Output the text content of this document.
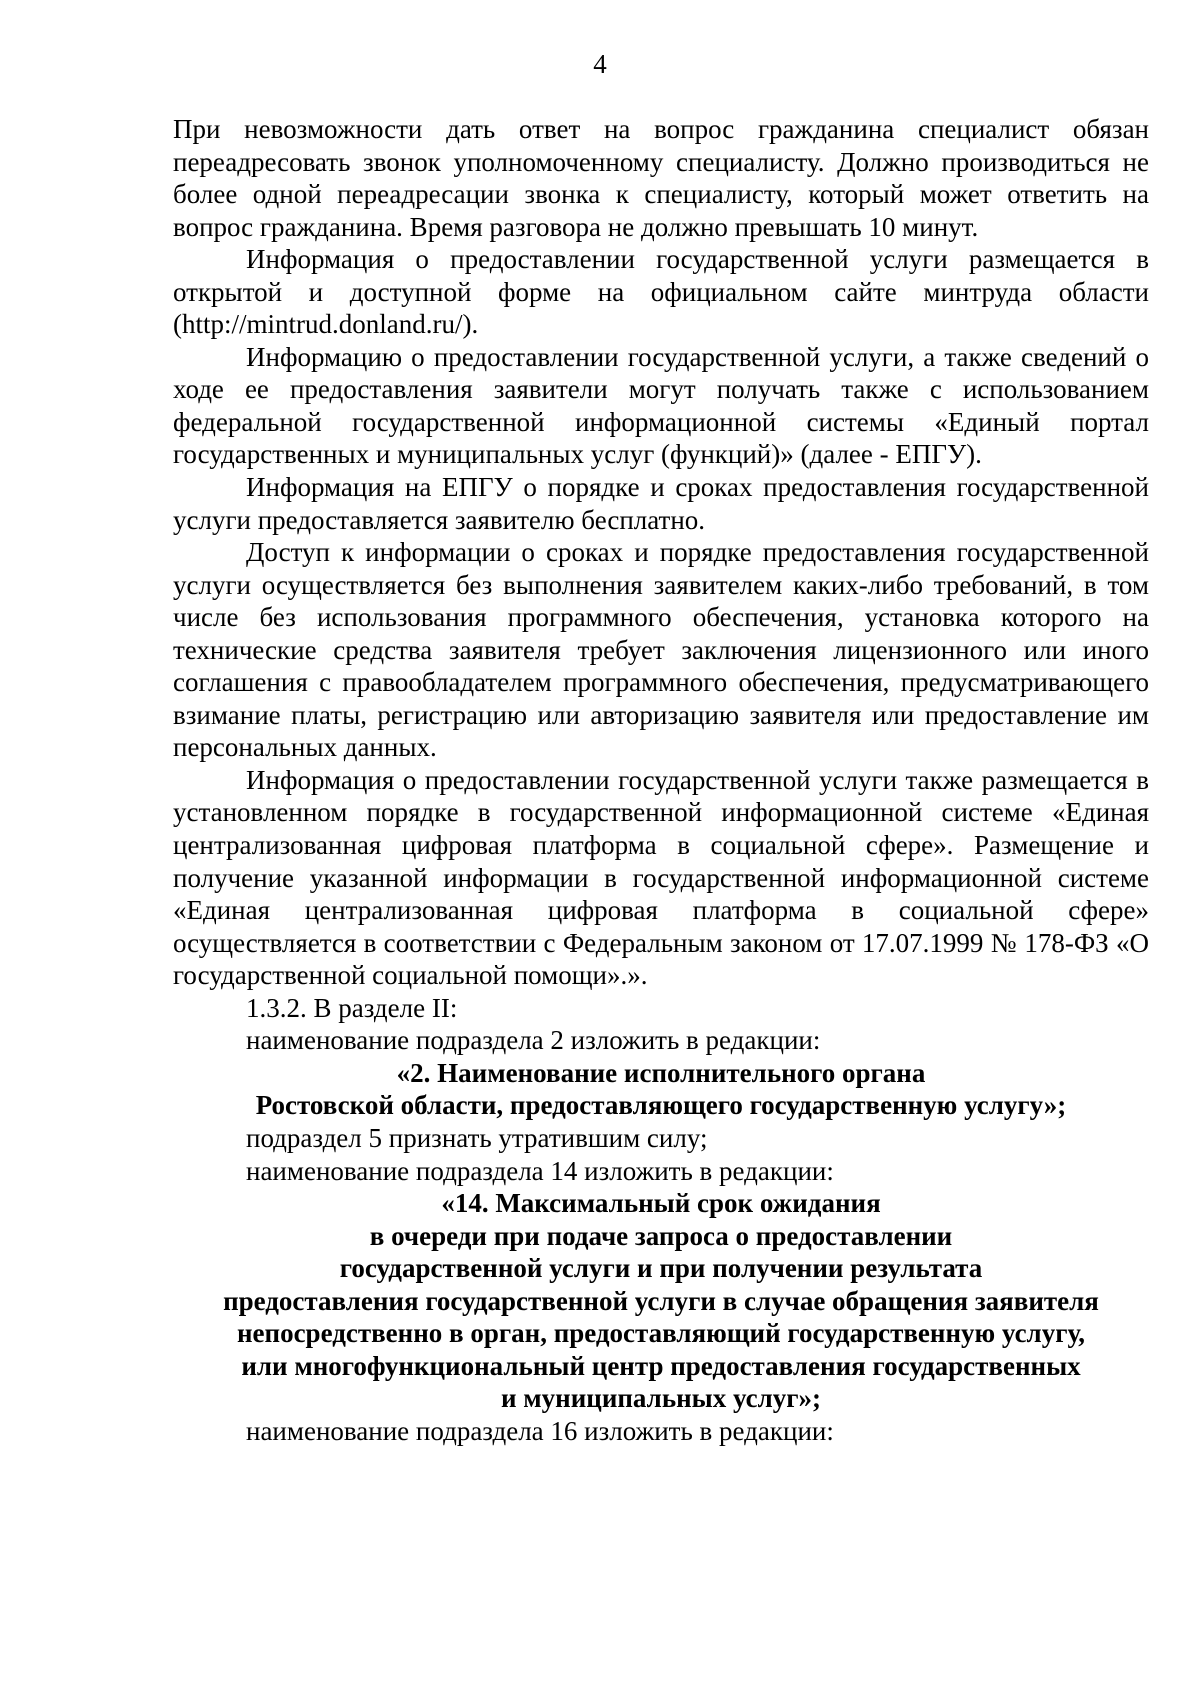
4

При невозможности дать ответ на вопрос гражданина специалист обязан переадресовать звонок уполномоченному специалисту. Должно производиться не более одной переадресации звонка к специалисту, который может ответить на вопрос гражданина. Время разговора не должно превышать 10 минут.

Информация о предоставлении государственной услуги размещается в открытой и доступной форме на официальном сайте минтруда области (http://mintrud.donland.ru/).

Информацию о предоставлении государственной услуги, а также сведений о ходе ее предоставления заявители могут получать также с использованием федеральной государственной информационной системы «Единый портал государственных и муниципальных услуг (функций)» (далее - ЕПГУ).

Информация на ЕПГУ о порядке и сроках предоставления государственной услуги предоставляется заявителю бесплатно.

Доступ к информации о сроках и порядке предоставления государственной услуги осуществляется без выполнения заявителем каких-либо требований, в том числе без использования программного обеспечения, установка которого на технические средства заявителя требует заключения лицензионного или иного соглашения с правообладателем программного обеспечения, предусматривающего взимание платы, регистрацию или авторизацию заявителя или предоставление им персональных данных.

Информация о предоставлении государственной услуги также размещается в установленном порядке в государственной информационной системе «Единая централизованная цифровая платформа в социальной сфере». Размещение и получение указанной информации в государственной информационной системе «Единая централизованная цифровая платформа в социальной сфере» осуществляется в соответствии с Федеральным законом от 17.07.1999 № 178-ФЗ «О государственной социальной помощи».».

1.3.2. В разделе II:

наименование подраздела 2 изложить в редакции:

«2. Наименование исполнительного органа
Ростовской области, предоставляющего государственную услугу»;

подраздел 5 признать утратившим силу;

наименование подраздела 14 изложить в редакции:

«14. Максимальный срок ожидания
в очереди при подаче запроса о предоставлении
государственной услуги и при получении результата
предоставления государственной услуги в случае обращения заявителя
непосредственно в орган, предоставляющий государственную услугу,
или многофункциональный центр предоставления государственных
и муниципальных услуг»;

наименование подраздела 16 изложить в редакции:
